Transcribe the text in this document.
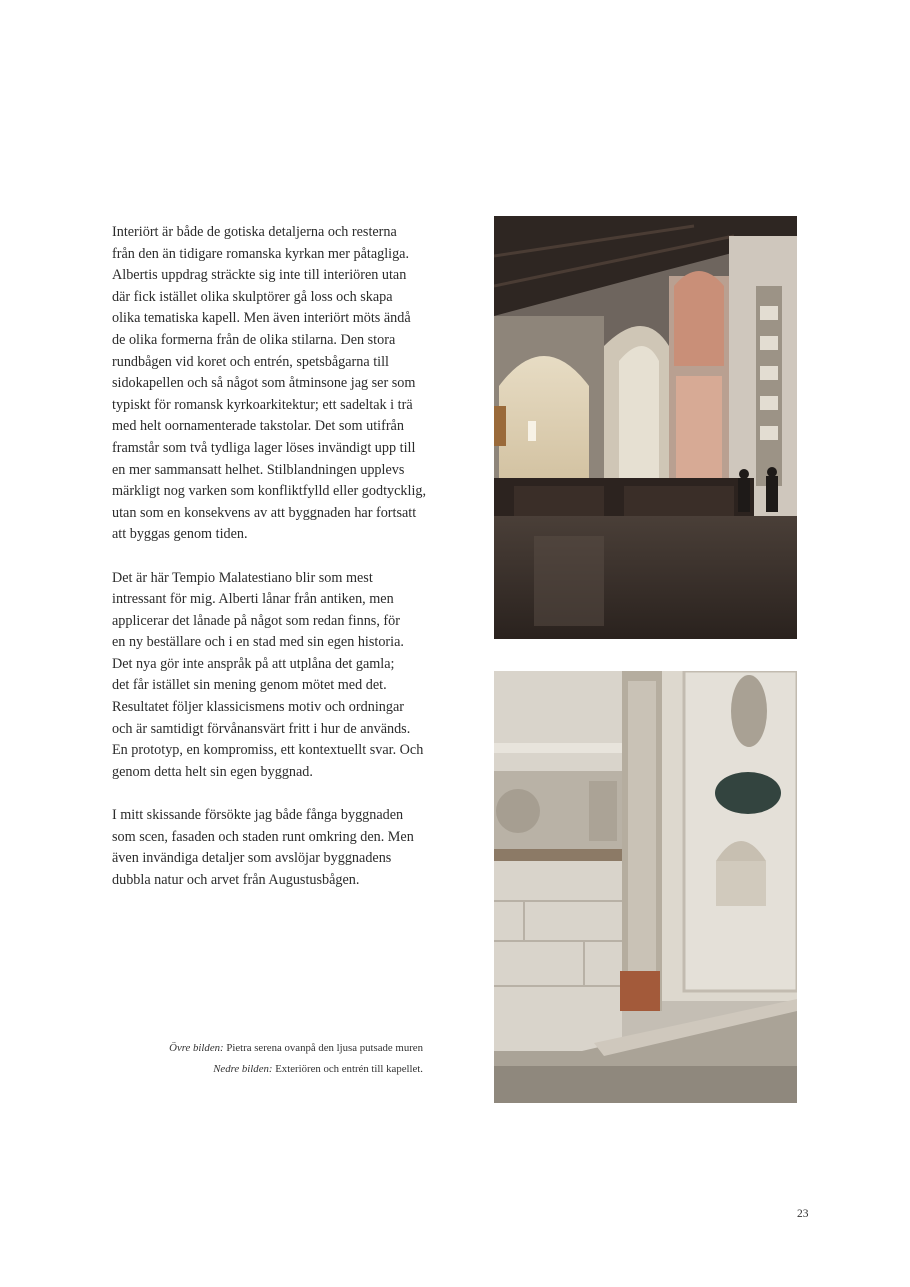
Interiört är både de gotiska detaljerna och resterna
från den än tidigare romanska kyrkan mer påtagliga.
Albertis uppdrag sträckte sig inte till interiören utan
där fick istället olika skulptörer gå loss och skapa
olika tematiska kapell. Men även interiört möts ändå
de olika formerna från de olika stilarna. Den stora
rundbågen vid koret och entrén, spetsbågarna till
sidokapellen och så något som åtminsone jag ser som
typiskt för romansk kyrkoarkitektur; ett sadeltak i trä
med helt oornamenterade takstolar. Det som utifrån
framstår som två tydliga lager löses invändigt upp till
en mer sammansatt helhet. Stilblandningen upplevs
märkligt nog varken som konfliktfylld eller godtycklig,
utan som en konsekvens av att byggnaden har fortsatt
att byggas genom tiden.

Det är här Tempio Malatestiano blir som mest
intressant för mig. Alberti lånar från antiken, men
applicerar det lånade på något som redan finns, för
en ny beställare och i en stad med sin egen historia.
Det nya gör inte anspråk på att utplåna det gamla;
det får istället sin mening genom mötet med det.
Resultatet följer klassicismens motiv och ordningar
och är samtidigt förvånansvärt fritt i hur de används.
En prototyp, en kompromiss, ett kontextuellt svar. Och
genom detta helt sin egen byggnad.

I mitt skissande försökte jag både fånga byggnaden
som scen, fasaden och staden runt omkring den. Men
även invändiga detaljer som avslöjar byggnadens
dubbla natur och arvet från Augustusbågen.

Övre bilden: Pietra serena ovanpå den ljusa putsade muren
Nedre bilden: Exteriören och entrén till kapellet.
23
